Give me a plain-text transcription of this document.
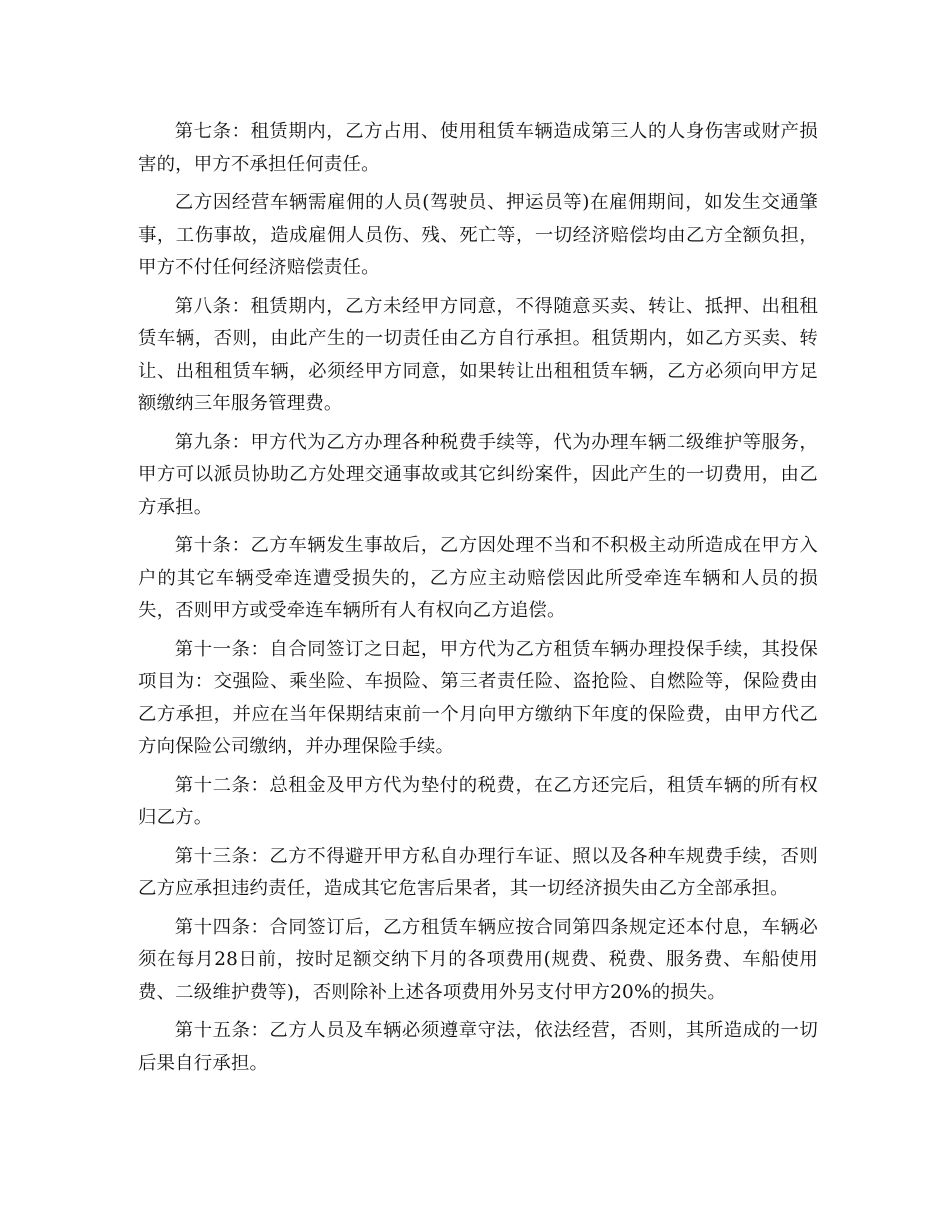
第七条：租赁期内，乙方占用、使用租赁车辆造成第三人的人身伤害或财产损害的，甲方不承担任何责任。

乙方因经营车辆需雇佣的人员(驾驶员、押运员等)在雇佣期间，如发生交通肇事，工伤事故，造成雇佣人员伤、残、死亡等，一切经济赔偿均由乙方全额负担，甲方不付任何经济赔偿责任。

第八条：租赁期内，乙方未经甲方同意，不得随意买卖、转让、抵押、出租租赁车辆，否则，由此产生的一切责任由乙方自行承担。租赁期内，如乙方买卖、转让、出租租赁车辆，必须经甲方同意，如果转让出租租赁车辆，乙方必须向甲方足额缴纳三年服务管理费。

第九条：甲方代为乙方办理各种税费手续等，代为办理车辆二级维护等服务，甲方可以派员协助乙方处理交通事故或其它纠纷案件，因此产生的一切费用，由乙方承担。

第十条：乙方车辆发生事故后，乙方因处理不当和不积极主动所造成在甲方入户的其它车辆受牵连遭受损失的，乙方应主动赔偿因此所受牵连车辆和人员的损失，否则甲方或受牵连车辆所有人有权向乙方追偿。

第十一条：自合同签订之日起，甲方代为乙方租赁车辆办理投保手续，其投保项目为：交强险、乘坐险、车损险、第三者责任险、盗抢险、自燃险等，保险费由乙方承担，并应在当年保期结束前一个月向甲方缴纳下年度的保险费，由甲方代乙方向保险公司缴纳，并办理保险手续。

第十二条：总租金及甲方代为垫付的税费，在乙方还完后，租赁车辆的所有权归乙方。

第十三条：乙方不得避开甲方私自办理行车证、照以及各种车规费手续，否则乙方应承担违约责任，造成其它危害后果者，其一切经济损失由乙方全部承担。

第十四条：合同签订后，乙方租赁车辆应按合同第四条规定还本付息，车辆必须在每月28日前，按时足额交纳下月的各项费用(规费、税费、服务费、车船使用费、二级维护费等)，否则除补上述各项费用外另支付甲方20%的损失。

第十五条：乙方人员及车辆必须遵章守法，依法经营，否则，其所造成的一切后果自行承担。
